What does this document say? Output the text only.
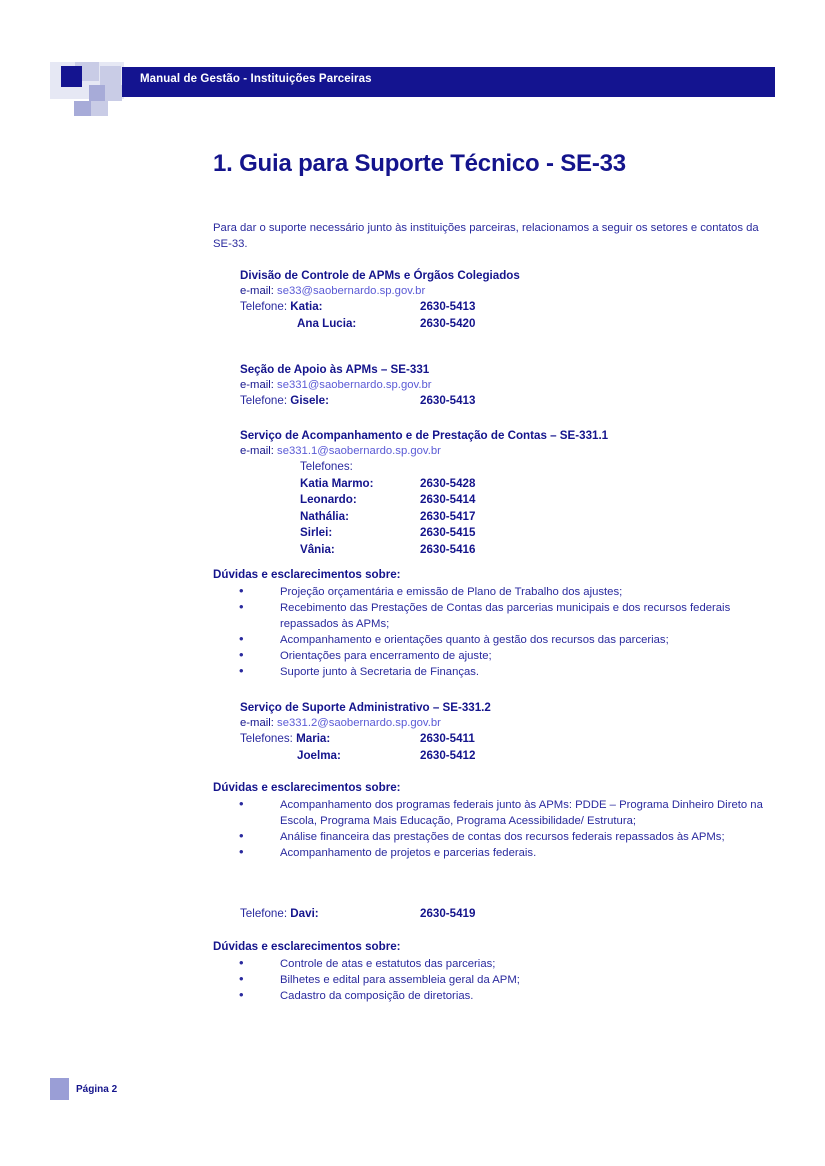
Manual de Gestão - Instituições Parceiras
1. Guia para Suporte Técnico - SE-33
Para dar o suporte necessário junto às instituições parceiras, relacionamos a seguir os setores e contatos da SE-33.
Divisão de Controle de APMs e Órgãos Colegiados
e-mail: se33@saobernardo.sp.gov.br
Telefone: Katia:	2630-5413
Ana Lucia:	2630-5420
Seção de Apoio às APMs – SE-331
e-mail: se331@saobernardo.sp.gov.br
Telefone: Gisele:	2630-5413
Serviço de Acompanhamento e de Prestação de Contas – SE-331.1
e-mail: se331.1@saobernardo.sp.gov.br
Telefones:
Katia Marmo:	2630-5428
Leonardo:	2630-5414
Nathália:	2630-5417
Sirlei:	2630-5415
Vânia:	2630-5416
Dúvidas e esclarecimentos sobre:
• Projeção orçamentária e emissão de Plano de Trabalho dos ajustes;
• Recebimento das Prestações de Contas das parcerias municipais e dos recursos federais repassados às APMs;
• Acompanhamento e orientações quanto à gestão dos recursos das parcerias;
• Orientações para encerramento de ajuste;
• Suporte junto à Secretaria de Finanças.
Serviço de Suporte Administrativo – SE-331.2
e-mail: se331.2@saobernardo.sp.gov.br
Telefones: Maria:	2630-5411
Joelma:	2630-5412
Dúvidas e esclarecimentos sobre:
• Acompanhamento dos programas federais junto às APMs: PDDE – Programa Dinheiro Direto na Escola, Programa Mais Educação, Programa Acessibilidade/ Estrutura;
• Análise financeira das prestações de contas dos recursos federais repassados às APMs;
• Acompanhamento de projetos e parcerias federais.
Telefone: Davi:	2630-5419
Dúvidas e esclarecimentos sobre:
• Controle de atas e estatutos das parcerias;
• Bilhetes e edital para assembleia geral da APM;
• Cadastro da composição de diretorias.
Página 2
